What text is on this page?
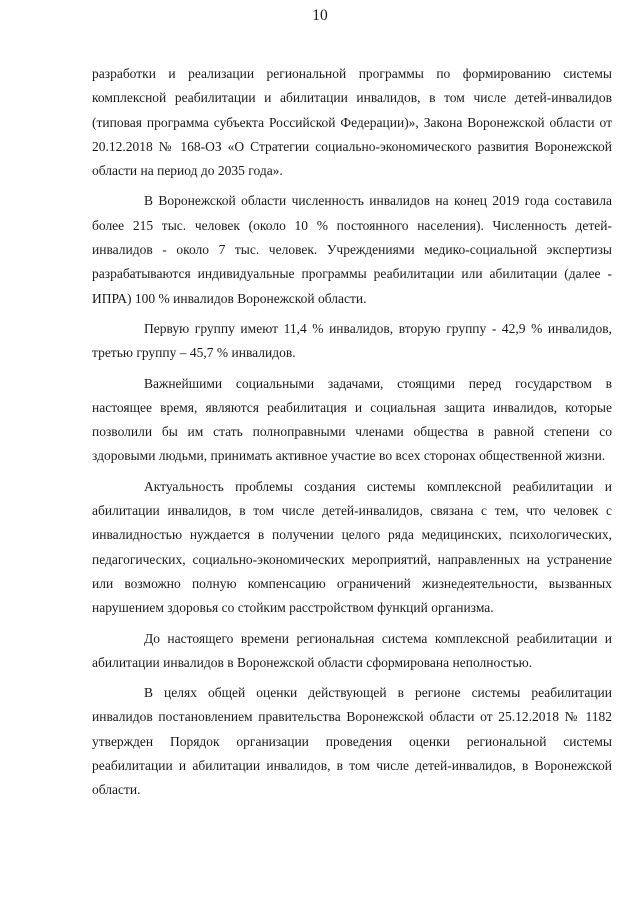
10

разработки и реализации региональной программы по формированию системы комплексной реабилитации и абилитации инвалидов, в том числе детей-инвалидов (типовая программа субъекта Российской Федерации)», Закона Воронежской области от 20.12.2018 № 168-ОЗ «О Стратегии социально-экономического развития Воронежской области на период до 2035 года».

В Воронежской области численность инвалидов на конец 2019 года составила более 215 тыс. человек (около 10 % постоянного населения). Численность детей-инвалидов - около 7 тыс. человек. Учреждениями медико-социальной экспертизы разрабатываются индивидуальные программы реабилитации или абилитации (далее - ИПРА) 100 % инвалидов Воронежской области.

Первую группу имеют 11,4 % инвалидов, вторую группу - 42,9 % инвалидов, третью группу – 45,7 % инвалидов.

Важнейшими социальными задачами, стоящими перед государством в настоящее время, являются реабилитация и социальная защита инвалидов, которые позволили бы им стать полноправными членами общества в равной степени со здоровыми людьми, принимать активное участие во всех сторонах общественной жизни.

Актуальность проблемы создания системы комплексной реабилитации и абилитации инвалидов, в том числе детей-инвалидов, связана с тем, что человек с инвалидностью нуждается в получении целого ряда медицинских, психологических, педагогических, социально-экономических мероприятий, направленных на устранение или возможно полную компенсацию ограничений жизнедеятельности, вызванных нарушением здоровья со стойким расстройством функций организма.

До настоящего времени региональная система комплексной реабилитации и абилитации инвалидов в Воронежской области сформирована неполностью.

В целях общей оценки действующей в регионе системы реабилитации инвалидов постановлением правительства Воронежской области от 25.12.2018 № 1182 утвержден Порядок организации проведения оценки региональной системы реабилитации и абилитации инвалидов, в том числе детей-инвалидов, в Воронежской области.
